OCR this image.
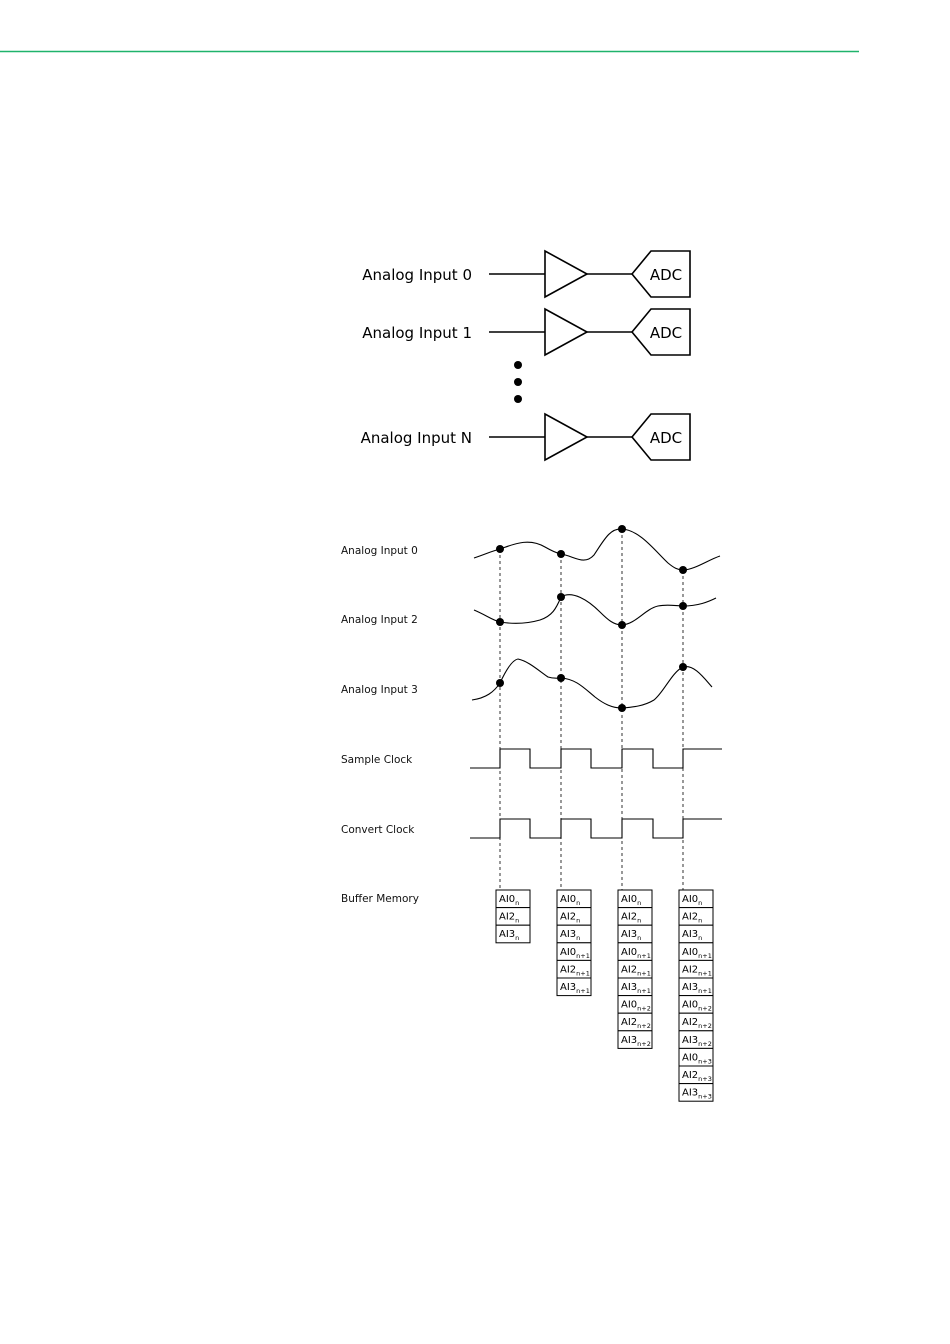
Analog Input 0
Analog Input 1
Analog Input N
ADC
ADC
ADC
Analog Input 0
Analog Input 2
Analog Input 3
Sample Clock
Convert Clock
Buffer Memory	$AI0_n$
$AI2_n$
$AI3_n$
$AI0_n$
$AI2_n$
$AI3_n$
$AI0_{n+1}$
$AI2_{n+1}$
$AI3_{n+1}$
$AI0_n$
$AI2_n$
$AI3_n$
$AI0_{n+1}$
$AI2_{n+1}$
$AI3_{n+1}$
$AI0_{n+2}$
$AI2_{n+2}$
$AI3_{n+2}$
$AI0_n$
$AI2_n$
$AI3_n$
$AI0_{n+1}$
$AI2_{n+1}$
$AI3_{n+1}$
$AI0_{n+2}$
$AI2_{n+2}$
$AI3_{n+2}$
$AI0_{n+3}$
$AI2_{n+3}$
$AI3_{n+3}$
